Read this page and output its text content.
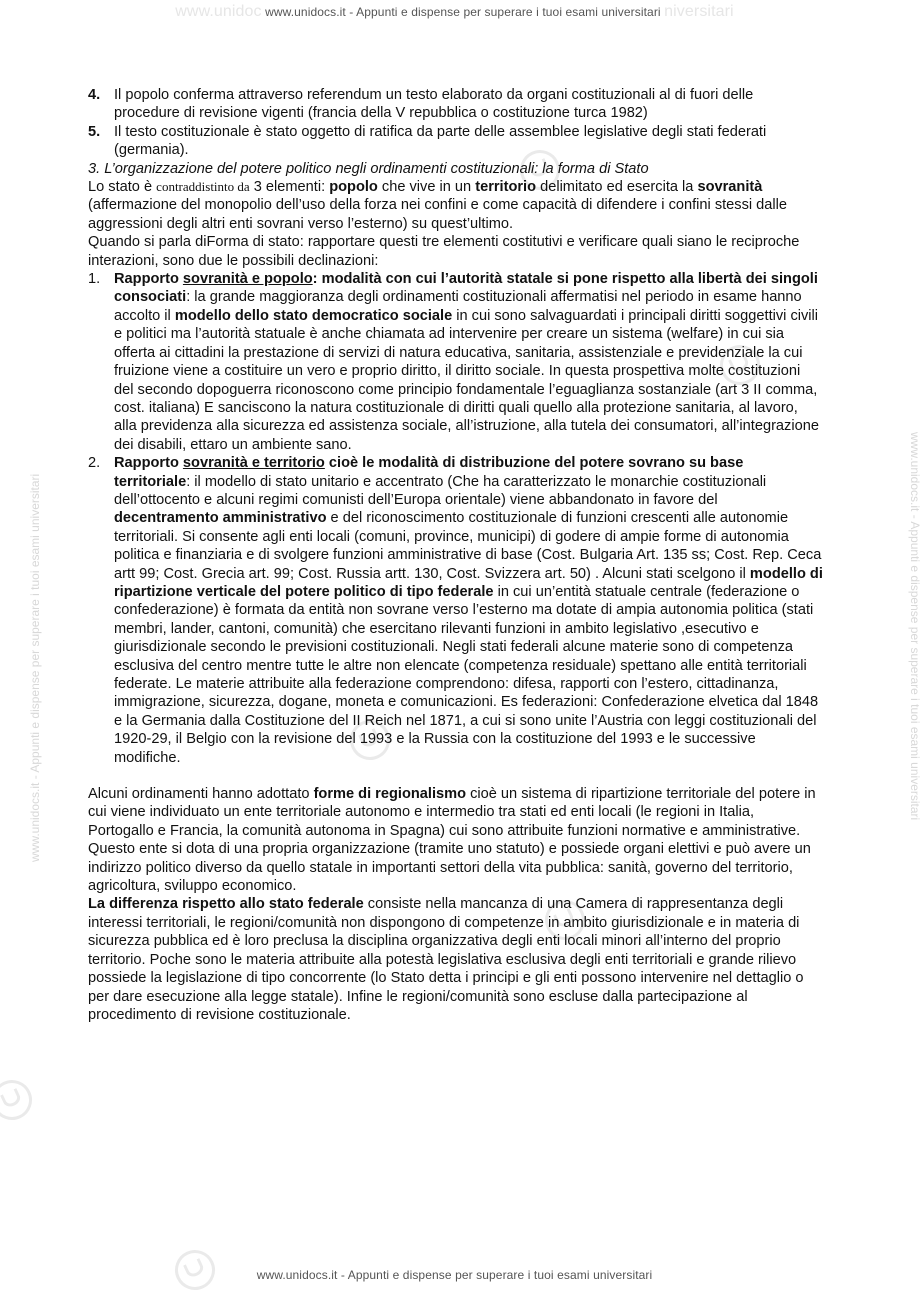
www.unidoc www.unidocs.it - Appunti e dispense per superare i tuoi esami universitari niversitari
www.unidocs.it - Appunti e dispense per superare i tuoi esami universitari	www.unidocs.it - Appunti e dispense per superare i tuoi esami universitari
4. Il popolo conferma attraverso referendum un testo elaborato da organi costituzionali al di fuori delle procedure di revisione vigenti (francia della V repubblica o costituzione turca 1982)
5. Il testo costituzionale è stato oggetto di ratifica da parte delle assemblee legislative degli stati federati (germania).

3. L’organizzazione del potere politico negli ordinamenti costituzionali: la forma di Stato

Lo stato è contraddistinto da 3 elementi: popolo che vive in un territorio delimitato ed esercita la sovranità (affermazione del monopolio dell’uso della forza nei confini e come capacità di difendere i confini stessi dalle aggressioni degli altri enti sovrani verso l’esterno) su quest’ultimo.

Quando si parla diForma di stato: rapportare questi tre elementi costitutivi e verificare quali siano le reciproche interazioni, sono due le possibili declinazioni:

1. Rapporto sovranità e popolo: modalità con cui l’autorità statale si pone rispetto alla libertà dei singoli consociati: la grande maggioranza degli ordinamenti costituzionali affermatisi nel periodo in esame hanno accolto il modello dello stato democratico sociale in cui sono salvaguardati i principali diritti soggettivi civili e politici ma l’autorità statuale è anche chiamata ad intervenire per creare un sistema (welfare) in cui sia offerta ai cittadini la prestazione di servizi di natura educativa, sanitaria, assistenziale e previdenziale la cui fruizione viene a costituire un vero e proprio diritto, il diritto sociale. In questa prospettiva molte costituzioni del secondo dopoguerra riconoscono come principio fondamentale l’eguaglianza sostanziale (art 3 II comma, cost. italiana) E sanciscono la natura costituzionale di diritti quali quello alla protezione sanitaria, al lavoro, alla previdenza alla sicurezza ed assistenza sociale, all’istruzione, alla tutela dei consumatori, all’integrazione dei disabili, ettaro un ambiente sano.
2. Rapporto sovranità e territorio cioè le modalità di distribuzione del potere sovrano su base territoriale: il modello di stato unitario e accentrato (Che ha caratterizzato le monarchie costituzionali dell’ottocento e alcuni regimi comunisti dell’Europa orientale) viene abbandonato in favore del decentramento amministrativo e del riconoscimento costituzionale di funzioni crescenti alle autonomie territoriali. Si consente agli enti locali (comuni, province, municipi) di godere di ampie forme di autonomia politica e finanziaria e di svolgere funzioni amministrative di base (Cost. Bulgaria Art. 135 ss; Cost. Rep. Ceca artt 99; Cost. Grecia art. 99; Cost. Russia artt. 130, Cost. Svizzera art. 50) . Alcuni stati scelgono il modello di ripartizione verticale del potere politico di tipo federale in cui un’entità statuale centrale (federazione o confederazione) è formata da entità non sovrane verso l’esterno ma dotate di ampia autonomia politica (stati membri, lander, cantoni, comunità) che esercitano rilevanti funzioni in ambito legislativo ,esecutivo e giurisdizionale secondo le previsioni costituzionali. Negli stati federali alcune materie sono di competenza esclusiva del centro mentre tutte le altre non elencate (competenza residuale) spettano alle entità territoriali federate. Le materie attribuite alla federazione comprendono: difesa, rapporti con l’estero, cittadinanza, immigrazione, sicurezza, dogane, moneta e comunicazioni. Es federazioni: Confederazione elvetica dal 1848 e la Germania dalla Costituzione del II Reich nel 1871, a cui si sono unite l’Austria con leggi costituzionali del 1920-29, il Belgio con la revisione del 1993 e la Russia con la costituzione del 1993 e le successive modifiche.

Alcuni ordinamenti hanno adottato forme di regionalismo cioè un sistema di ripartizione territoriale del potere in cui viene individuato un ente territoriale autonomo e intermedio tra stati ed enti locali (le regioni in Italia, Portogallo e Francia, la comunità autonoma in Spagna) cui sono attribuite funzioni normative e amministrative. Questo ente si dota di una propria organizzazione (tramite uno statuto) e possiede organi elettivi e può avere un indirizzo politico diverso da quello statale in importanti settori della vita pubblica: sanità, governo del territorio, agricoltura, sviluppo economico.

La differenza rispetto allo stato federale consiste nella mancanza di una Camera di rappresentanza degli interessi territoriali, le regioni/comunità non dispongono di competenze in ambito giurisdizionale e in materia di sicurezza pubblica ed è loro preclusa la disciplina organizzativa degli enti locali minori all’interno del proprio territorio. Poche sono le materia attribuite alla potestà legislativa esclusiva degli enti territoriali e grande rilievo possiede la legislazione di tipo concorrente (lo Stato detta i principi e gli enti possono intervenire nel dettaglio o per dare esecuzione alla legge statale). Infine le regioni/comunità sono escluse dalla partecipazione al procedimento di revisione costituzionale.

www.unidocs.it - Appunti e dispense per superare i tuoi esami universitari
